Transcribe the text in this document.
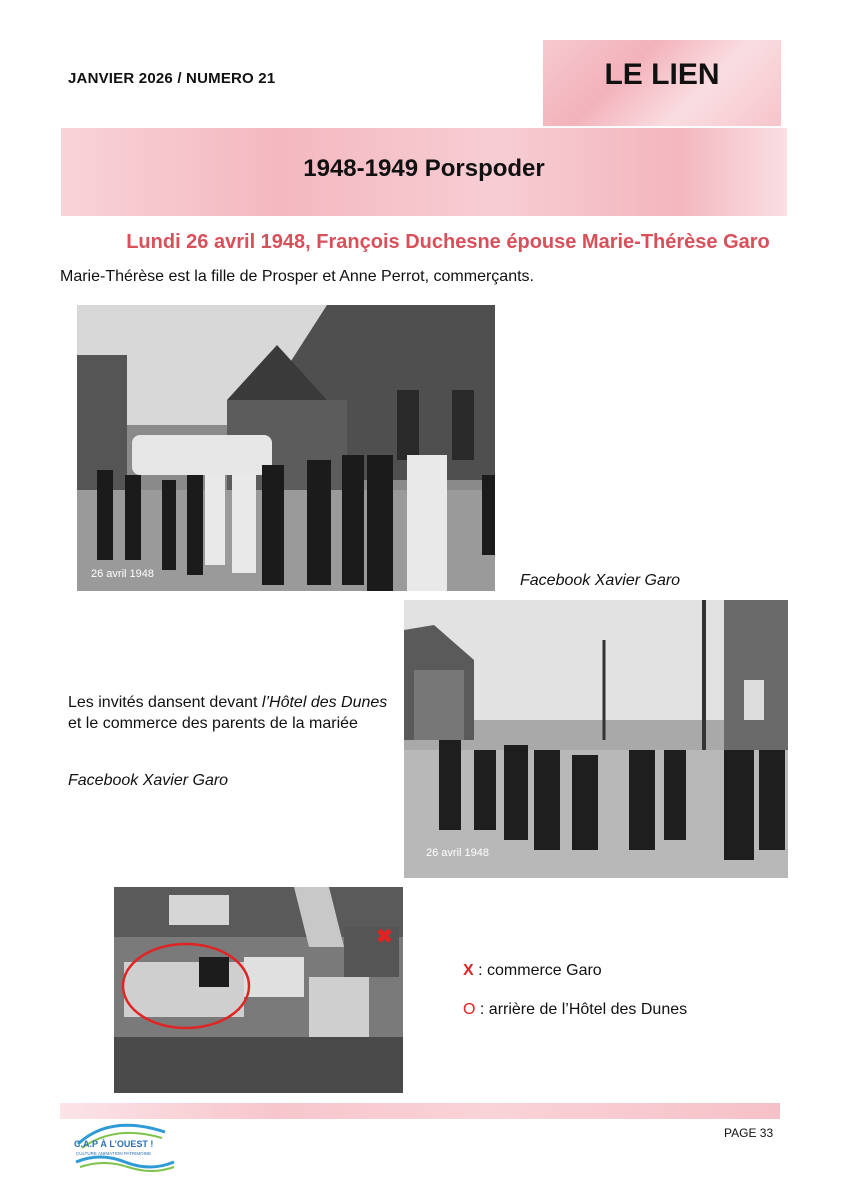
JANVIER 2026 / NUMERO 21	LE LIEN
1948-1949 Porspoder
Lundi 26 avril 1948, François Duchesne épouse Marie-Thérèse Garo
Marie-Thérèse est la fille de Prosper et Anne Perrot, commerçants.
26 avril 1948	Facebook Xavier Garo
26 avril 1948
Les invités dansent devant l’Hôtel des Dunes et le commerce des parents de la mariée
Facebook Xavier Garo
✖
X : commerce Garo
O : arrière de l’Hôtel des Dunes
C.A.P À L’OUEST !
CULTURE ANIMATION PATRIMOINE
PAGE 33
